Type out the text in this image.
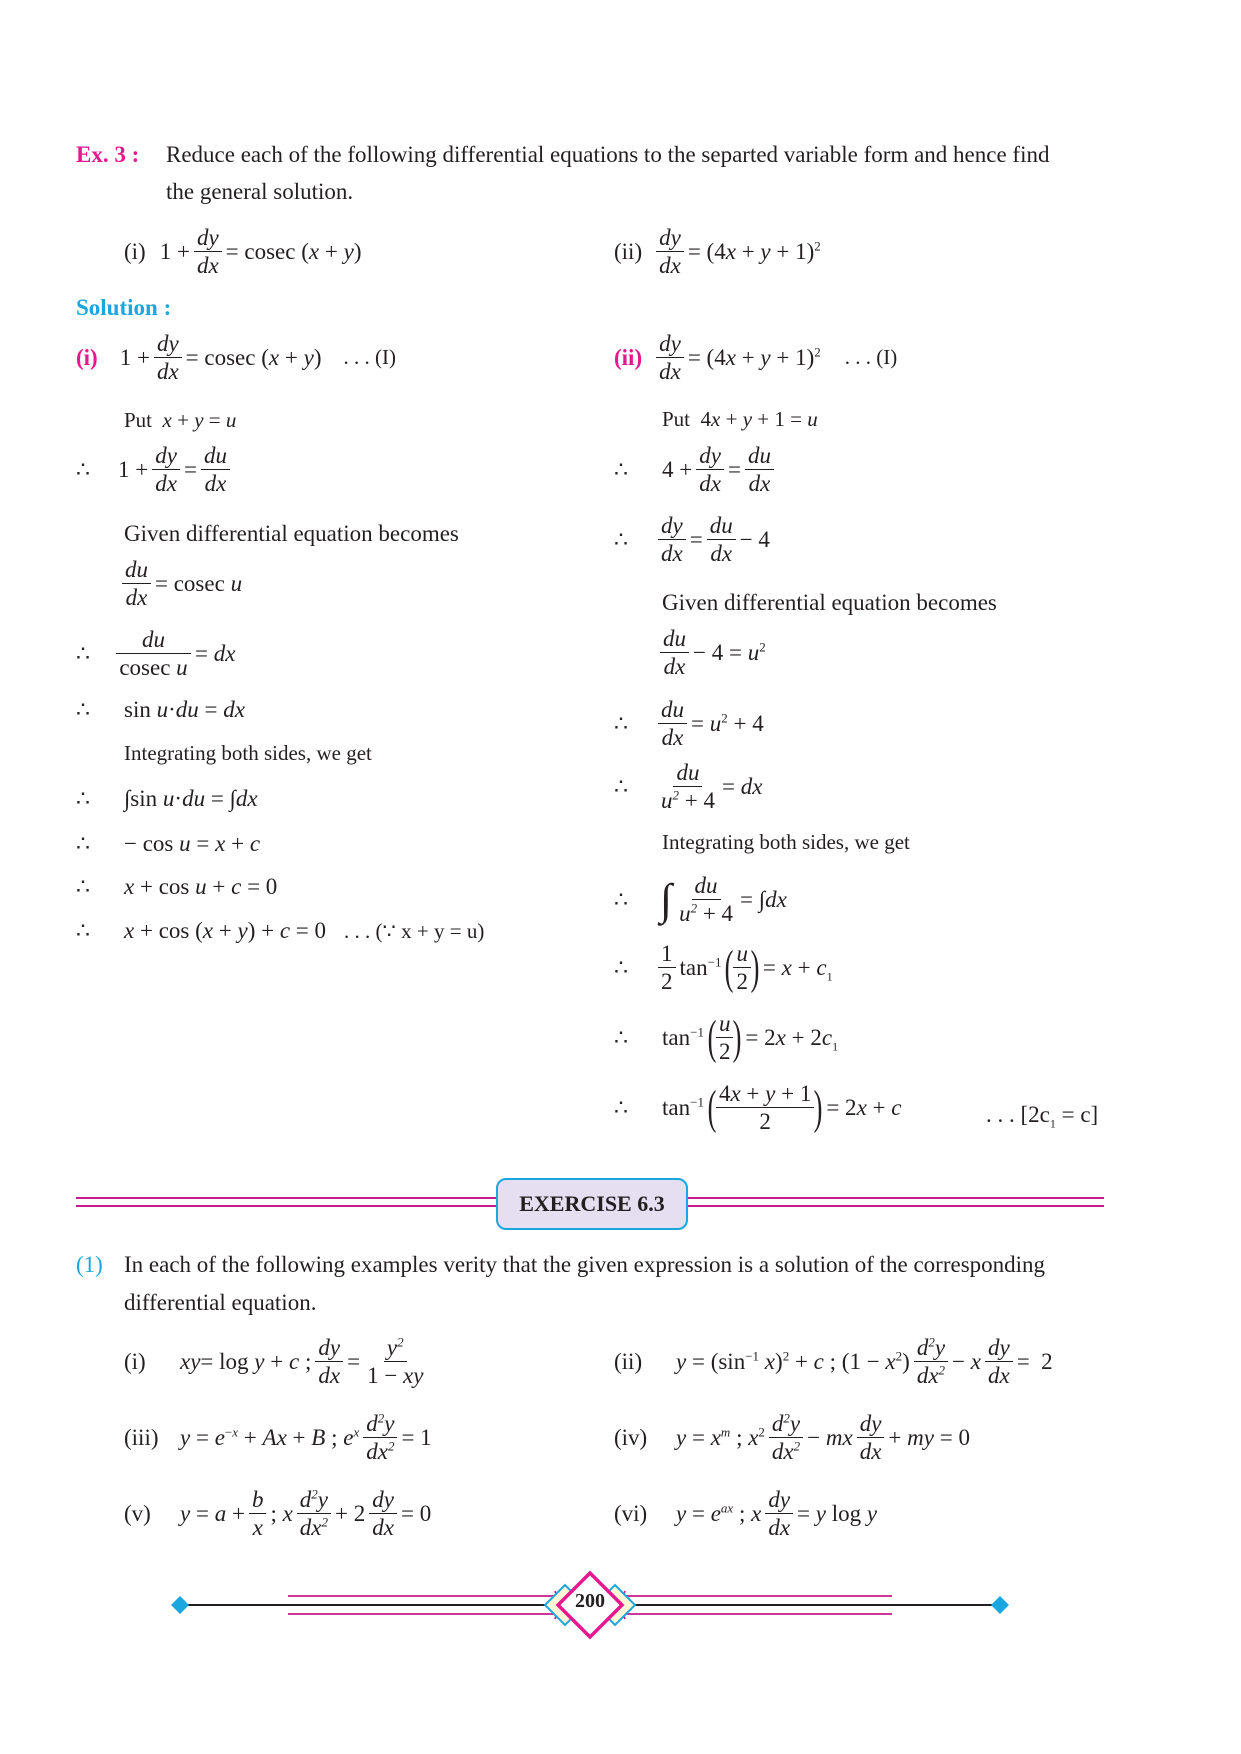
Ex. 3 : Reduce each of the following differential equations to the separted variable form and hence find
the general solution.
(i) $1 + \frac{dy}{dx} = cosec$ (x + y)	$(ii) \frac{dy}{dx} = (4x + y + 1)^2$
Solution :
(i) $1 + \frac{dy}{dx} = cosec$ (x + y) . . . (I)
Put x + y = u
∴ $1 + \frac{dy}{dx} = \frac{du}{dx}$
Given differential equation becomes
$\frac{du}{dx} = cosec$ u
∴ $\frac{du}{\text{cosec u}}$ = dx
∴ sin u·du = dx
Integrating both sides, we get
∴ ∫sin u·du = ∫dx
∴ − cos u = x + c
∴ x + cos u + c = 0
∴ x + cos (x + y) + c = 0 . . . (∵ x + y = u)
$(ii) \frac{dy}{dx} = (4x + y + 1)^2$ . . . (I)
Put  4x + y + 1 = u
∴ $4 + \frac{dy}{dx} = \frac{du}{dx}$
∴ $\frac{dy}{dx} = \frac{du}{dx} - 4$
Given differential equation becomes
$\frac{du}{dx} - 4 = u^2$
∴ $\frac{du}{dx} = u^2 + 4$
∴ $\frac{du}{u^2 + 4}$ = dx
Integrating both sides, we get
∴ ∫ $\frac{du}{u^2 + 4} = \int dx$
∴ $\frac{1}{2} \tan^{-1}$ ( $\frac{u}{2}$ ) = $x + c_1$
∴ $\tan^{-1}$ ( $\frac{u}{2}$ ) = $2x + 2c_1$
∴ $\tan^{-1}$ ( $\frac{4x + y + 1}{2}$ ) = 2x + c	. . . $[2c_1 = c]$
EXERCISE 6.3
(1) In each of the following examples verity that the given expression is a solution of the corresponding
differential equation.
(i)	xy= log y + c ; $\frac{dy}{dx} = \frac{y^2}{1 - xy}$	(ii)	$y = (\sin^{-1}$ x)$^2$ + c ; $(1 - x^2) \frac{d^2y}{dx^2} - x \frac{dy}{dx} = 2$
(iii) $y = e^{-x} + Ax + B$ ; $e^x \frac{d^2y}{dx^2} = 1$	(iv)	$y = x^m$ ; $x^2 \frac{d^2y}{dx^2}$ − mx $\frac{dy}{dx}$ + my = 0
(v)	$y = a + \frac{b}{x}$ ; x $\frac{d^2y}{dx^2} + 2 \frac{dy}{dx} = 0$	(vi)	$y = e^{ax}$ ; x $\frac{dy}{dx} = y$ log y
200
